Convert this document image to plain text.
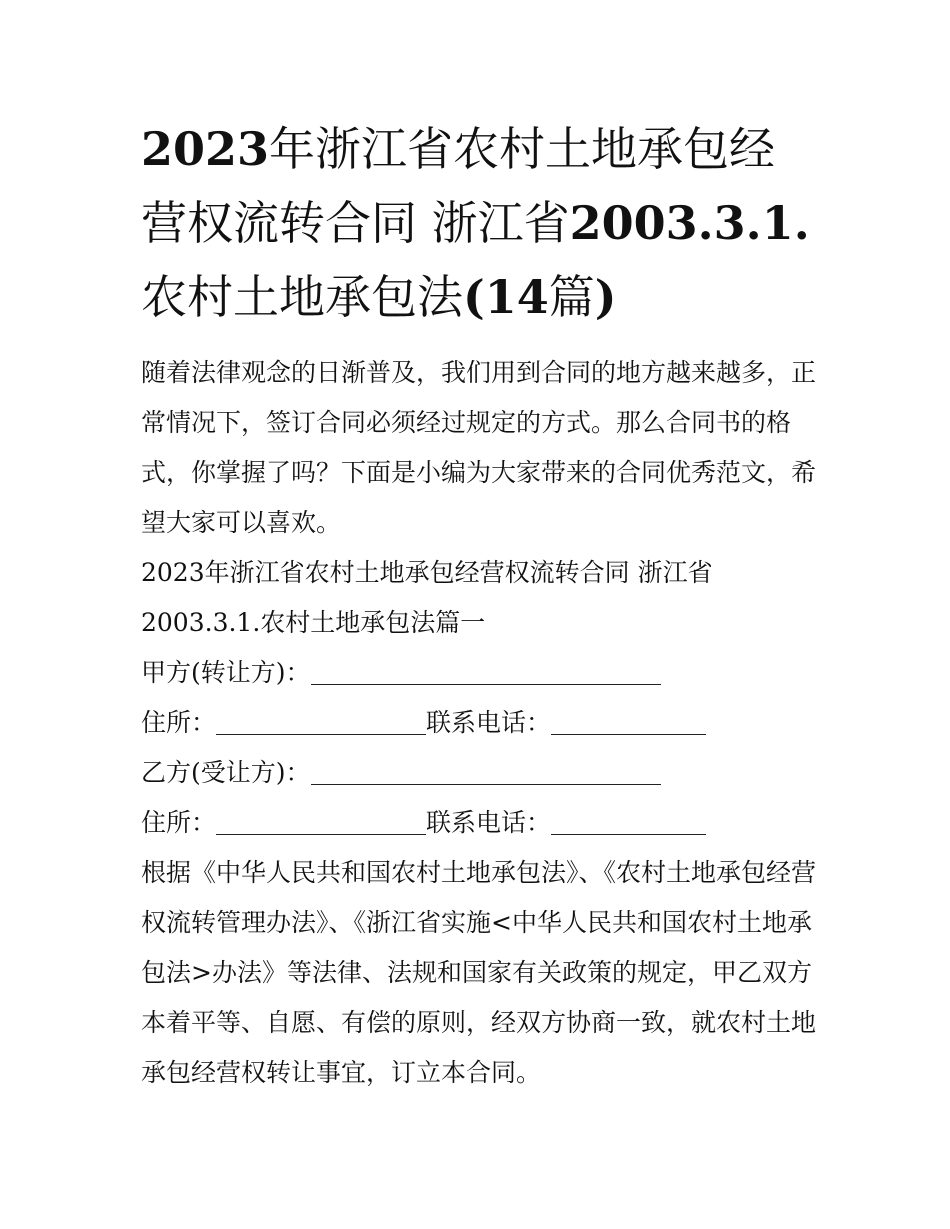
2023年浙江省农村土地承包经营权流转合同 浙江省2003.3.1.农村土地承包法(14篇)

随着法律观念的日渐普及，我们用到合同的地方越来越多，正常情况下，签订合同必须经过规定的方式。那么合同书的格式，你掌握了吗？下面是小编为大家带来的合同优秀范文，希望大家可以喜欢。

2023年浙江省农村土地承包经营权流转合同 浙江省2003.3.1.农村土地承包法篇一

甲方(转让方)：

住所：	联系电话：

乙方(受让方)：

住所：	联系电话：

根据《中华人民共和国农村土地承包法》、《农村土地承包经营权流转管理办法》、《浙江省实施<中华人民共和国农村土地承包法>办法》等法律、法规和国家有关政策的规定，甲乙双方本着平等、自愿、有偿的原则，经双方协商一致，就农村土地承包经营权转让事宜，订立本合同。
